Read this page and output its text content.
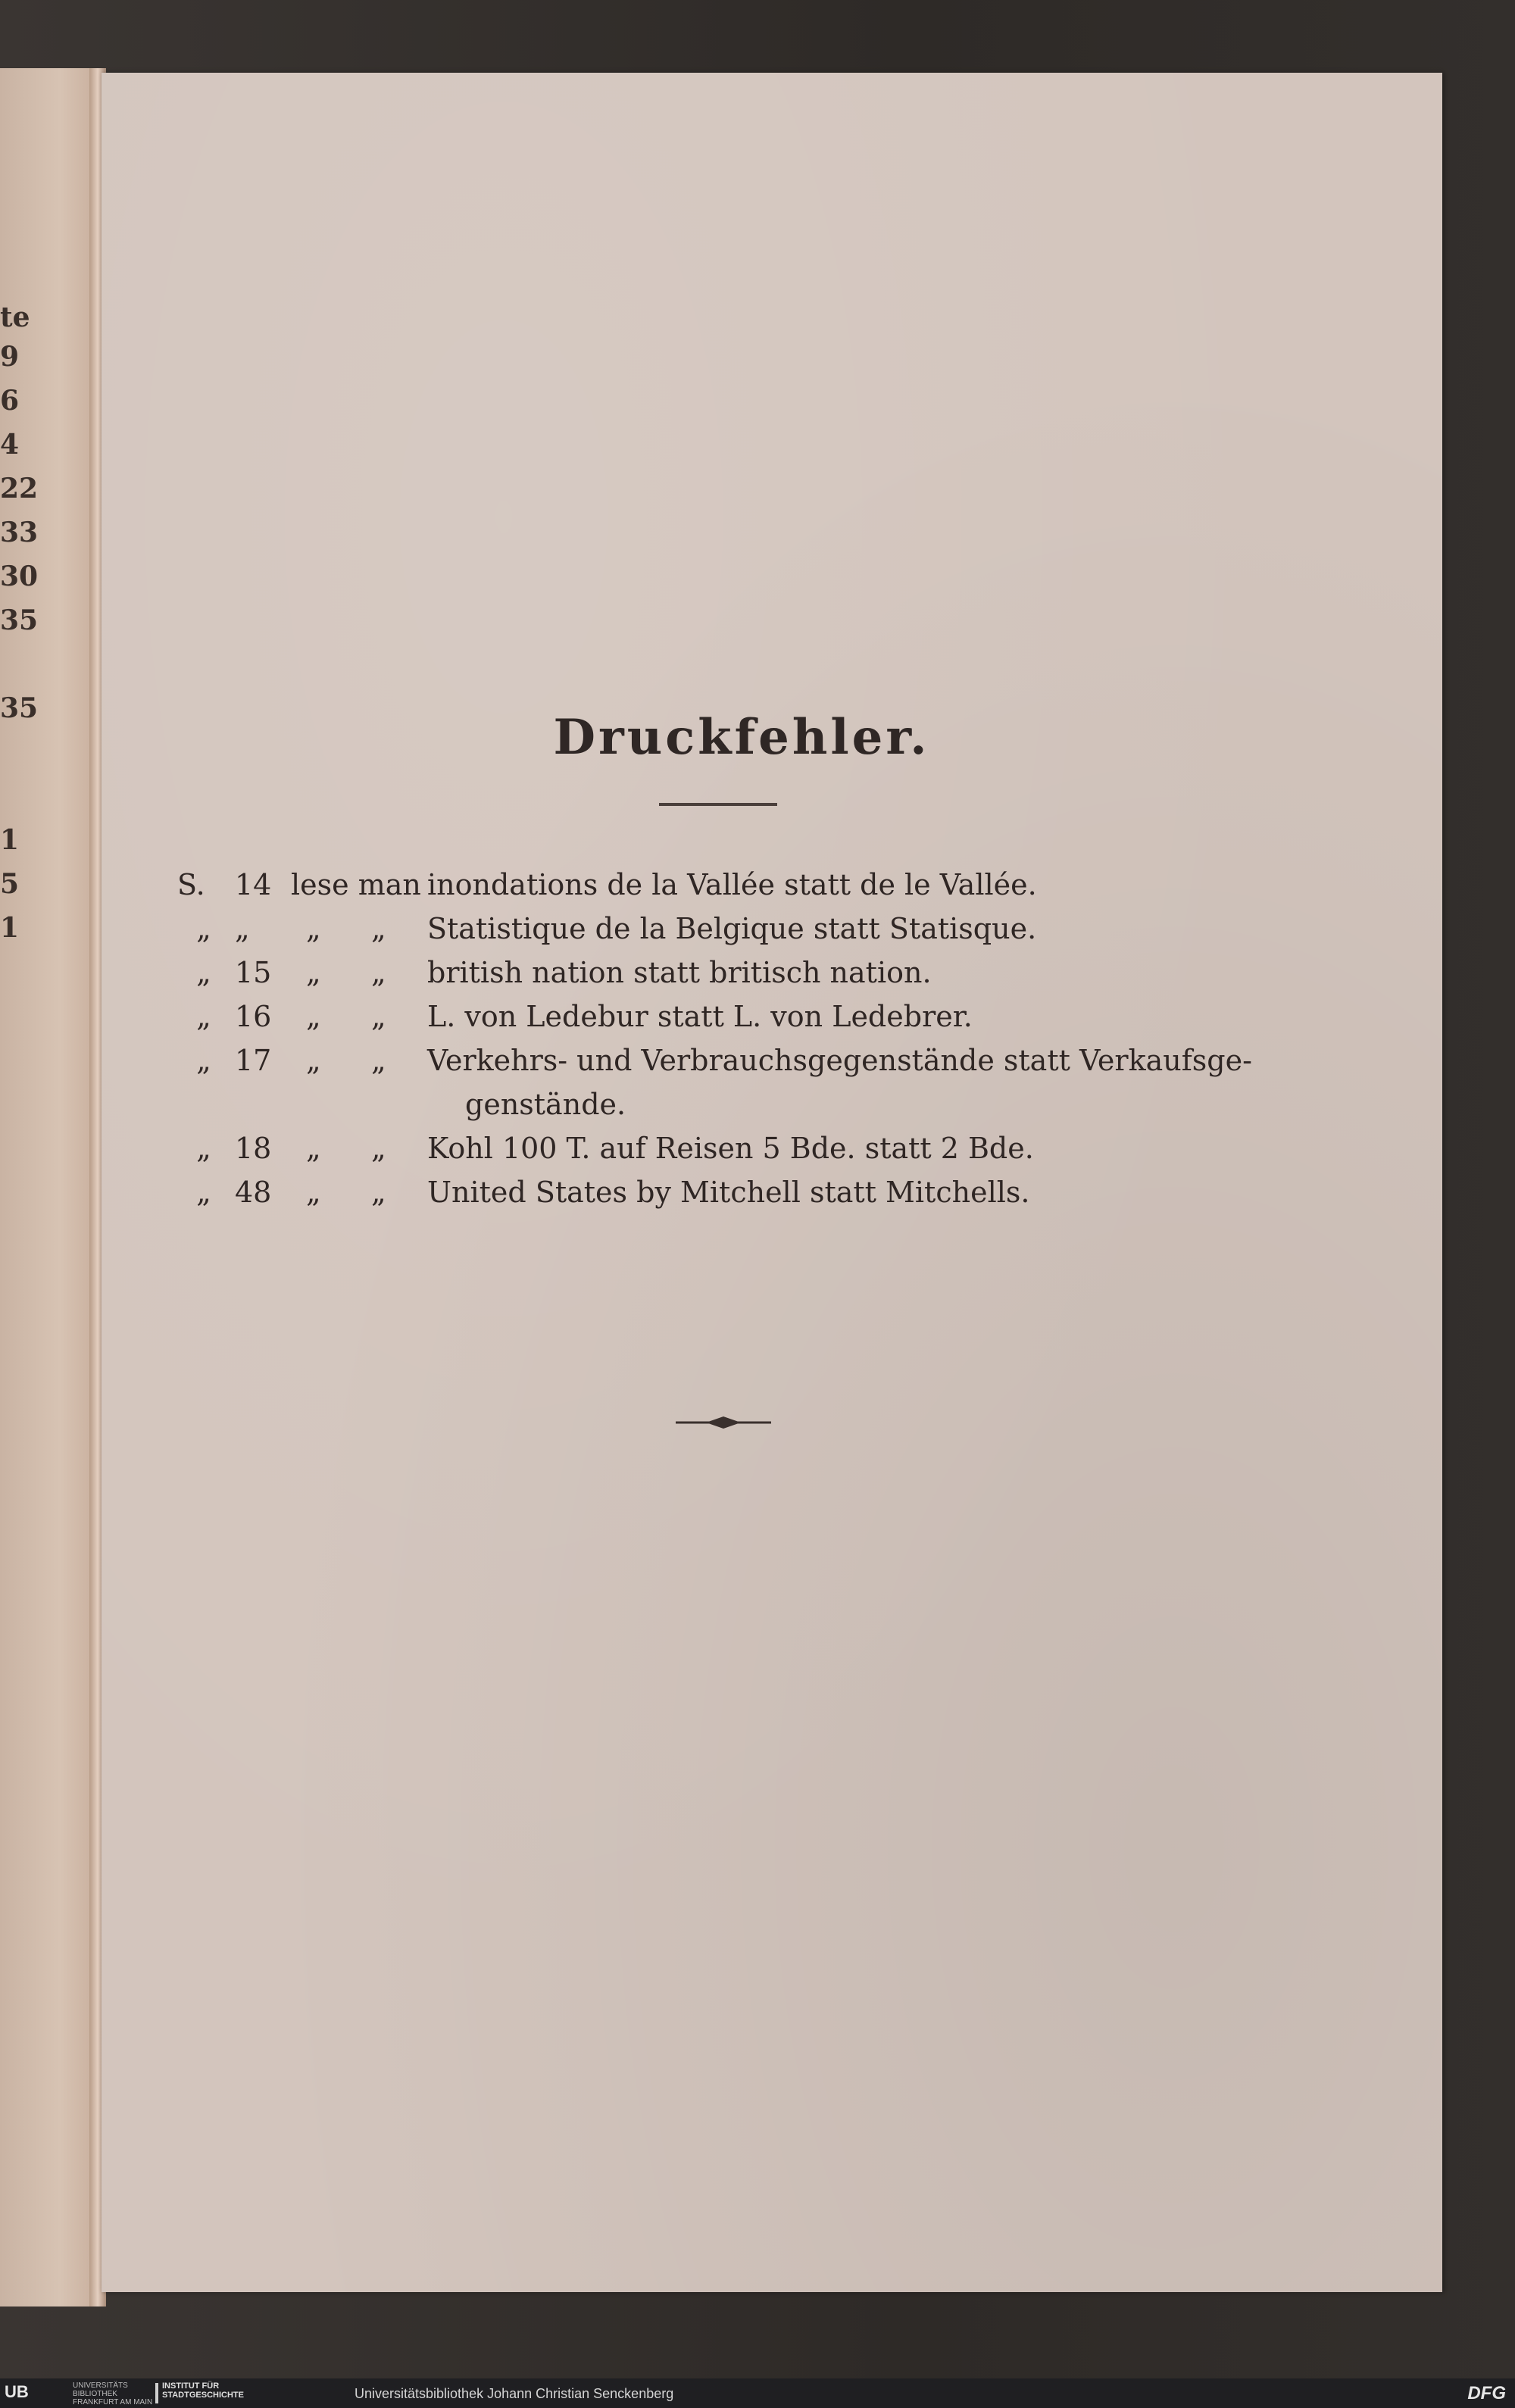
te
9
6
4
22
33
30
35
35
1
5
1
Druckfehler.
S.	14 lese man inondations de la Vallée statt de le Vallée.
„ „	„	„	Statistique de la Belgique statt Statisque.
„ 15	„	„	british nation statt britisch nation.
„ 16	„	„	L. von Ledebur statt L. von Ledebrer.
„ 17	„	„	Verkehrs- und Verbrauchsgegenstände statt Verkaufsge-
genstände.
„ 18	„	„	Kohl 100 T. auf Reisen 5 Bde. statt 2 Bde.
„ 48	„	„	United States by Mitchell statt Mitchells.
UB	UNIVERSITÄTS BIBLIOTHEK FRANKFURT AM MAIN
INSTITUT FÜR STADTGESCHICHTE	Universitätsbibliothek Johann Christian Senckenberg	DFG
